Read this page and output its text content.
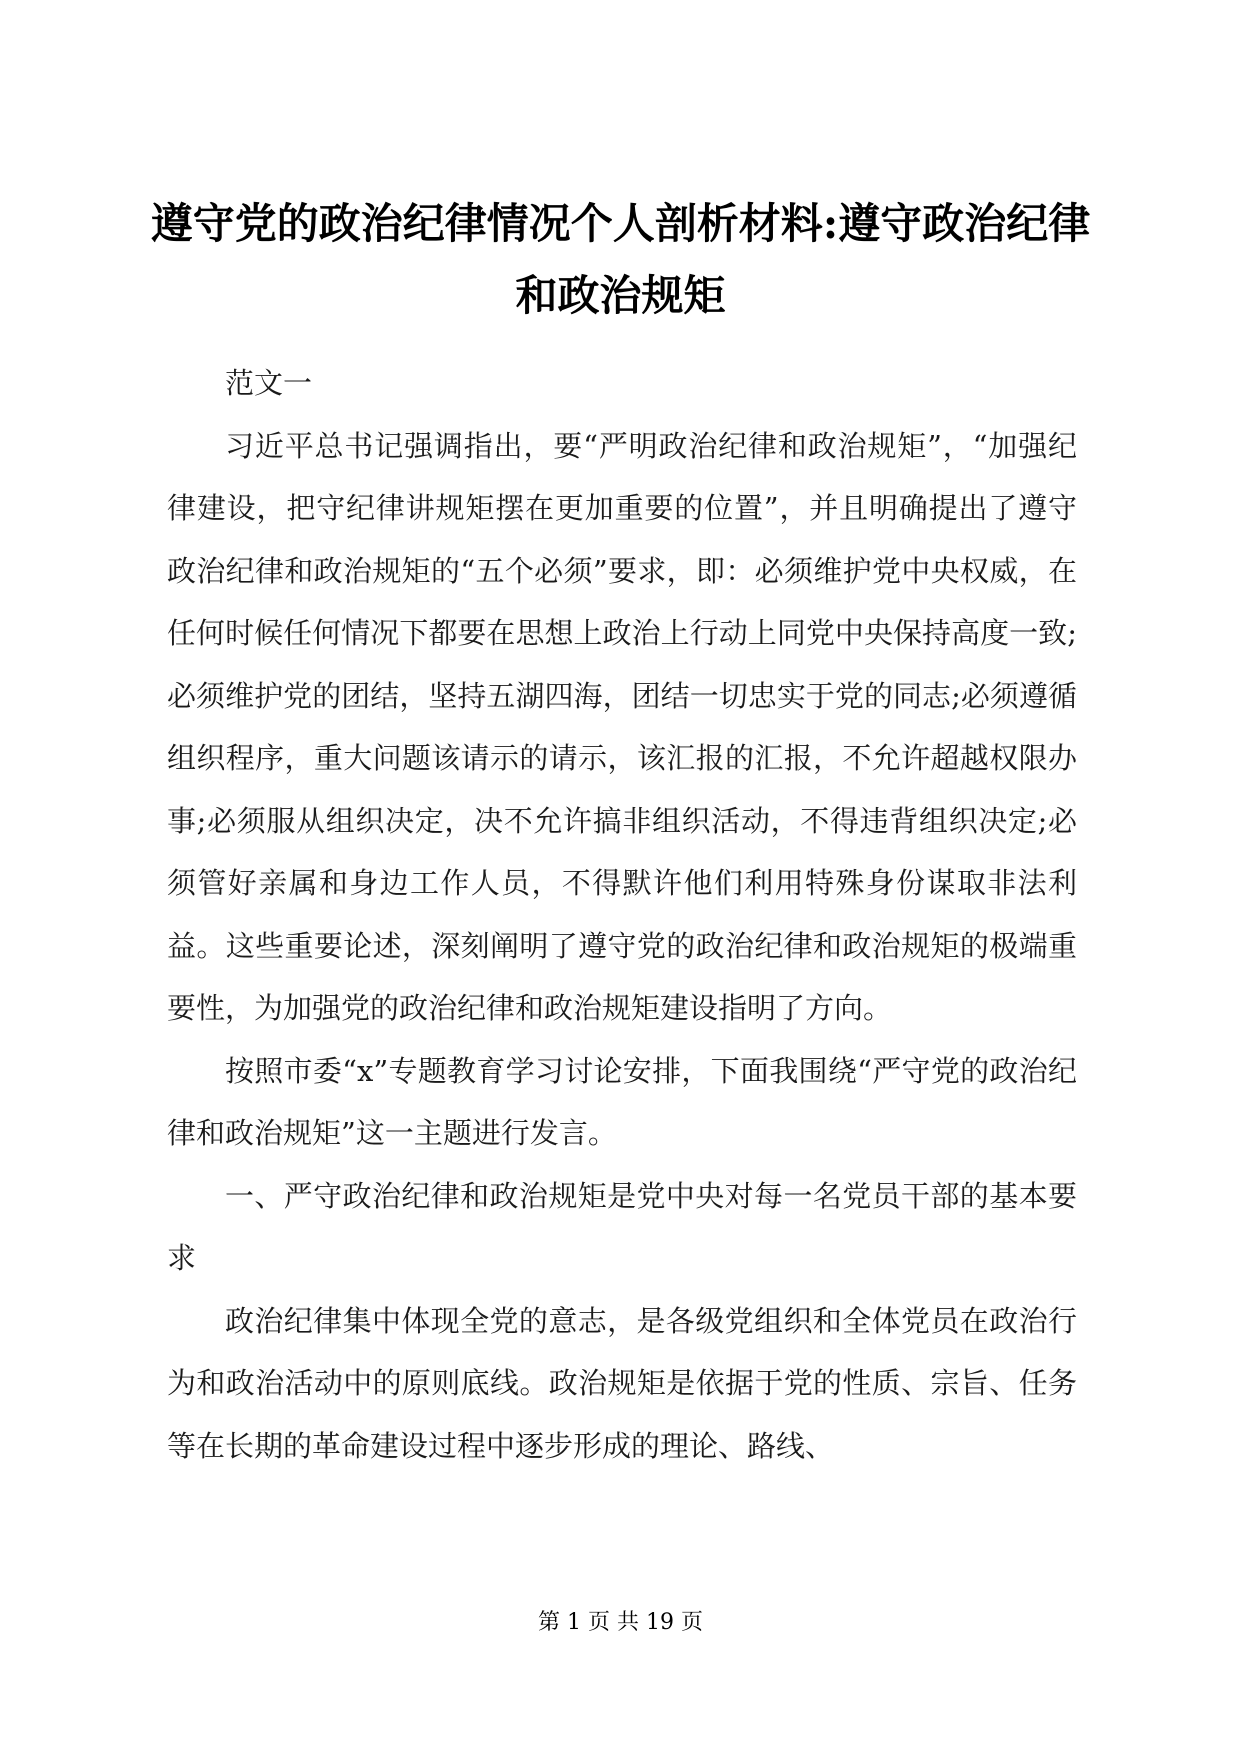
遵守党的政治纪律情况个人剖析材料:遵守政治纪律和政治规矩

范文一

习近平总书记强调指出，要“严明政治纪律和政治规矩”，“加强纪律建设，把守纪律讲规矩摆在更加重要的位置”，并且明确提出了遵守政治纪律和政治规矩的“五个必须”要求，即：必须维护党中央权威，在任何时候任何情况下都要在思想上政治上行动上同党中央保持高度一致;必须维护党的团结，坚持五湖四海，团结一切忠实于党的同志;必须遵循组织程序，重大问题该请示的请示，该汇报的汇报，不允许超越权限办事;必须服从组织决定，决不允许搞非组织活动，不得违背组织决定;必须管好亲属和身边工作人员，不得默许他们利用特殊身份谋取非法利益。这些重要论述，深刻阐明了遵守党的政治纪律和政治规矩的极端重要性，为加强党的政治纪律和政治规矩建设指明了方向。

按照市委“x”专题教育学习讨论安排，下面我围绕“严守党的政治纪律和政治规矩”这一主题进行发言。

一、严守政治纪律和政治规矩是党中央对每一名党员干部的基本要求

政治纪律集中体现全党的意志，是各级党组织和全体党员在政治行为和政治活动中的原则底线。政治规矩是依据于党的性质、宗旨、任务等在长期的革命建设过程中逐步形成的理论、路线、

第 1 页 共 19 页
